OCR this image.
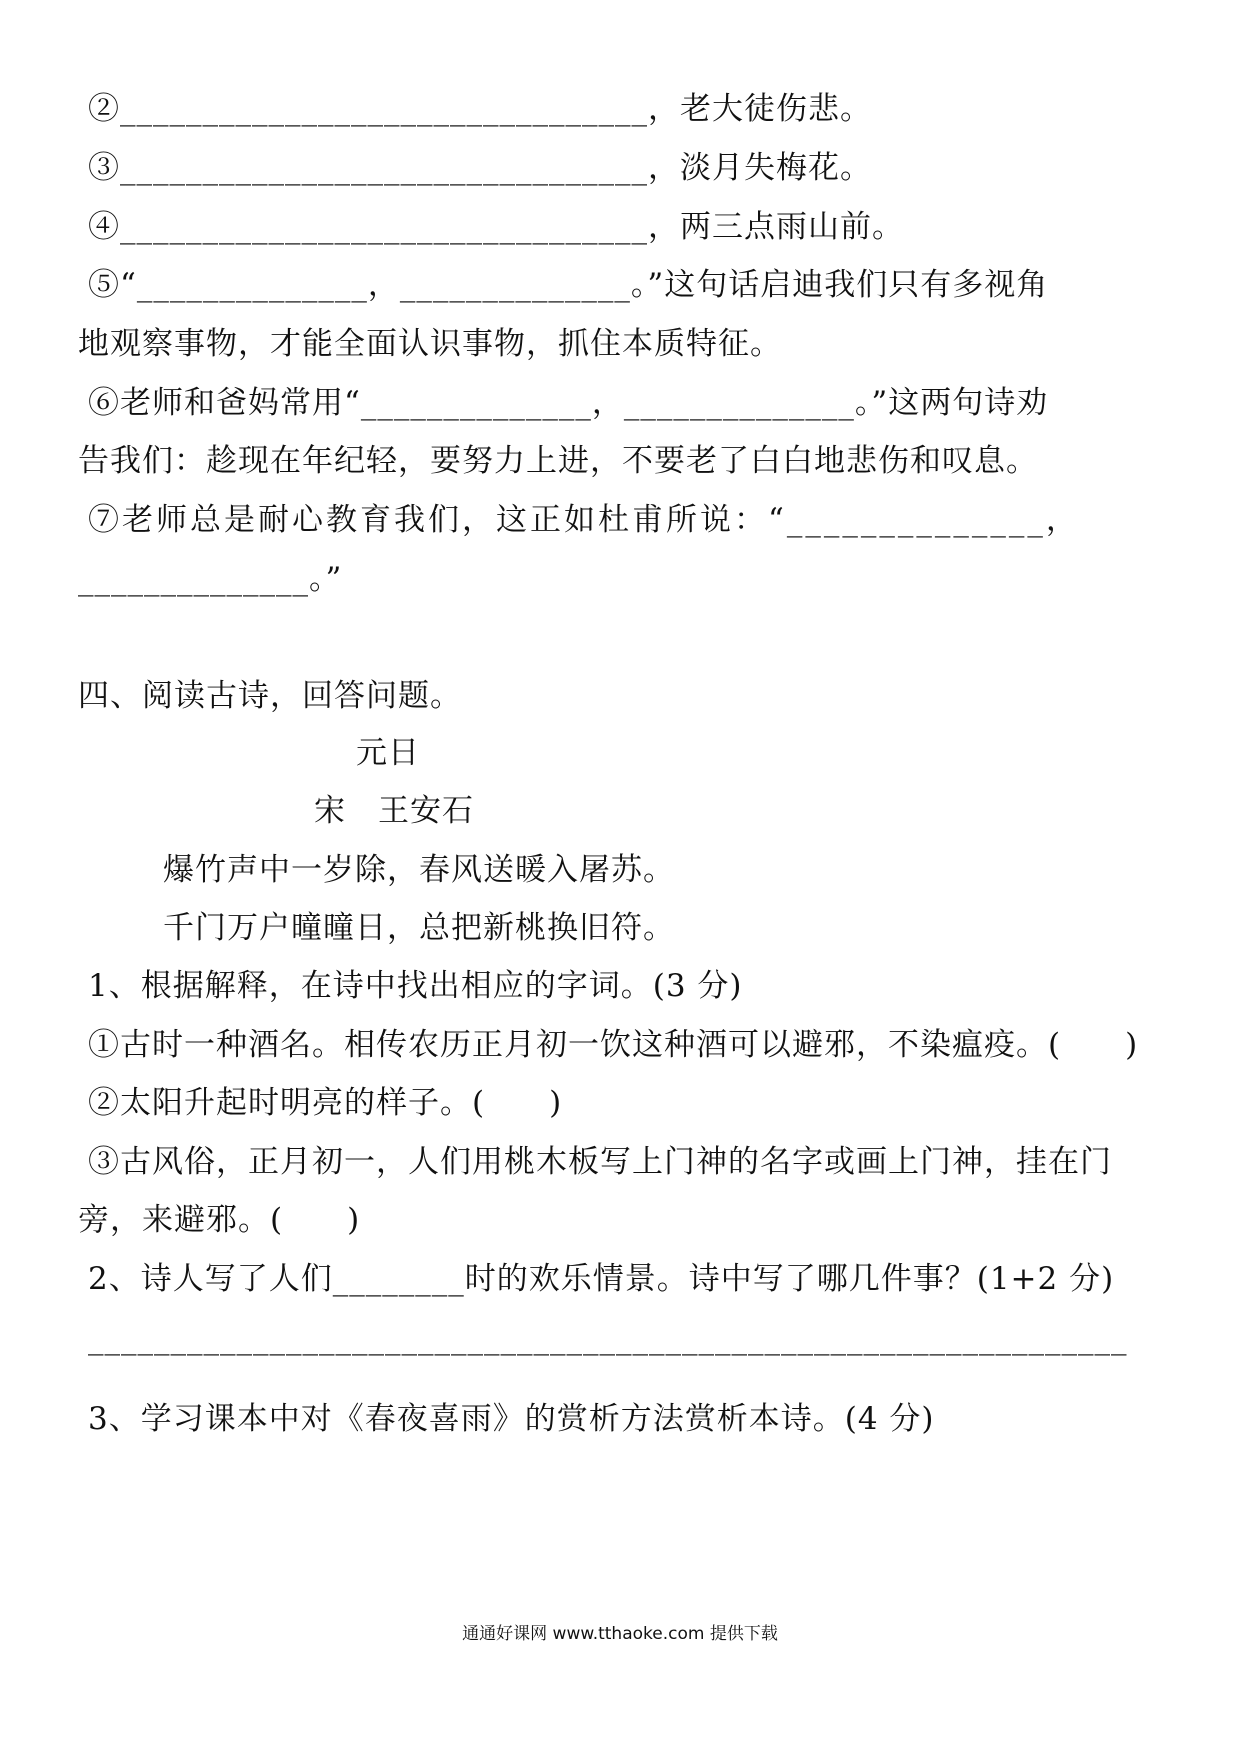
②________________________________，老大徒伤悲。
③________________________________，淡月失梅花。
④________________________________，两三点雨山前。
⑤“______________，______________。”这句话启迪我们只有多视角
地观察事物，才能全面认识事物，抓住本质特征。
⑥老师和爸妈常用“______________，______________。”这两句诗劝
告我们：趁现在年纪轻，要努力上进，不要老了白白地悲伤和叹息。
⑦老师总是耐心教育我们，这正如杜甫所说：“______________，
______________。”
四、阅读古诗，回答问题。
元日
宋　王安石
爆竹声中一岁除，春风送暖入屠苏。
千门万户曈曈日，总把新桃换旧符。
1、根据解释，在诗中找出相应的字词。(3 分)
①古时一种酒名。相传农历正月初一饮这种酒可以避邪，不染瘟疫。(　　)
②太阳升起时明亮的样子。(　　)
③古风俗，正月初一，人们用桃木板写上门神的名字或画上门神，挂在门
旁，来避邪。(　　)
2、诗人写了人们________时的欢乐情景。诗中写了哪几件事？(1+2 分)
_______________________________________________________________
3、学习课本中对《春夜喜雨》的赏析方法赏析本诗。(4 分)
通通好课网 www.tthaoke.com 提供下载
